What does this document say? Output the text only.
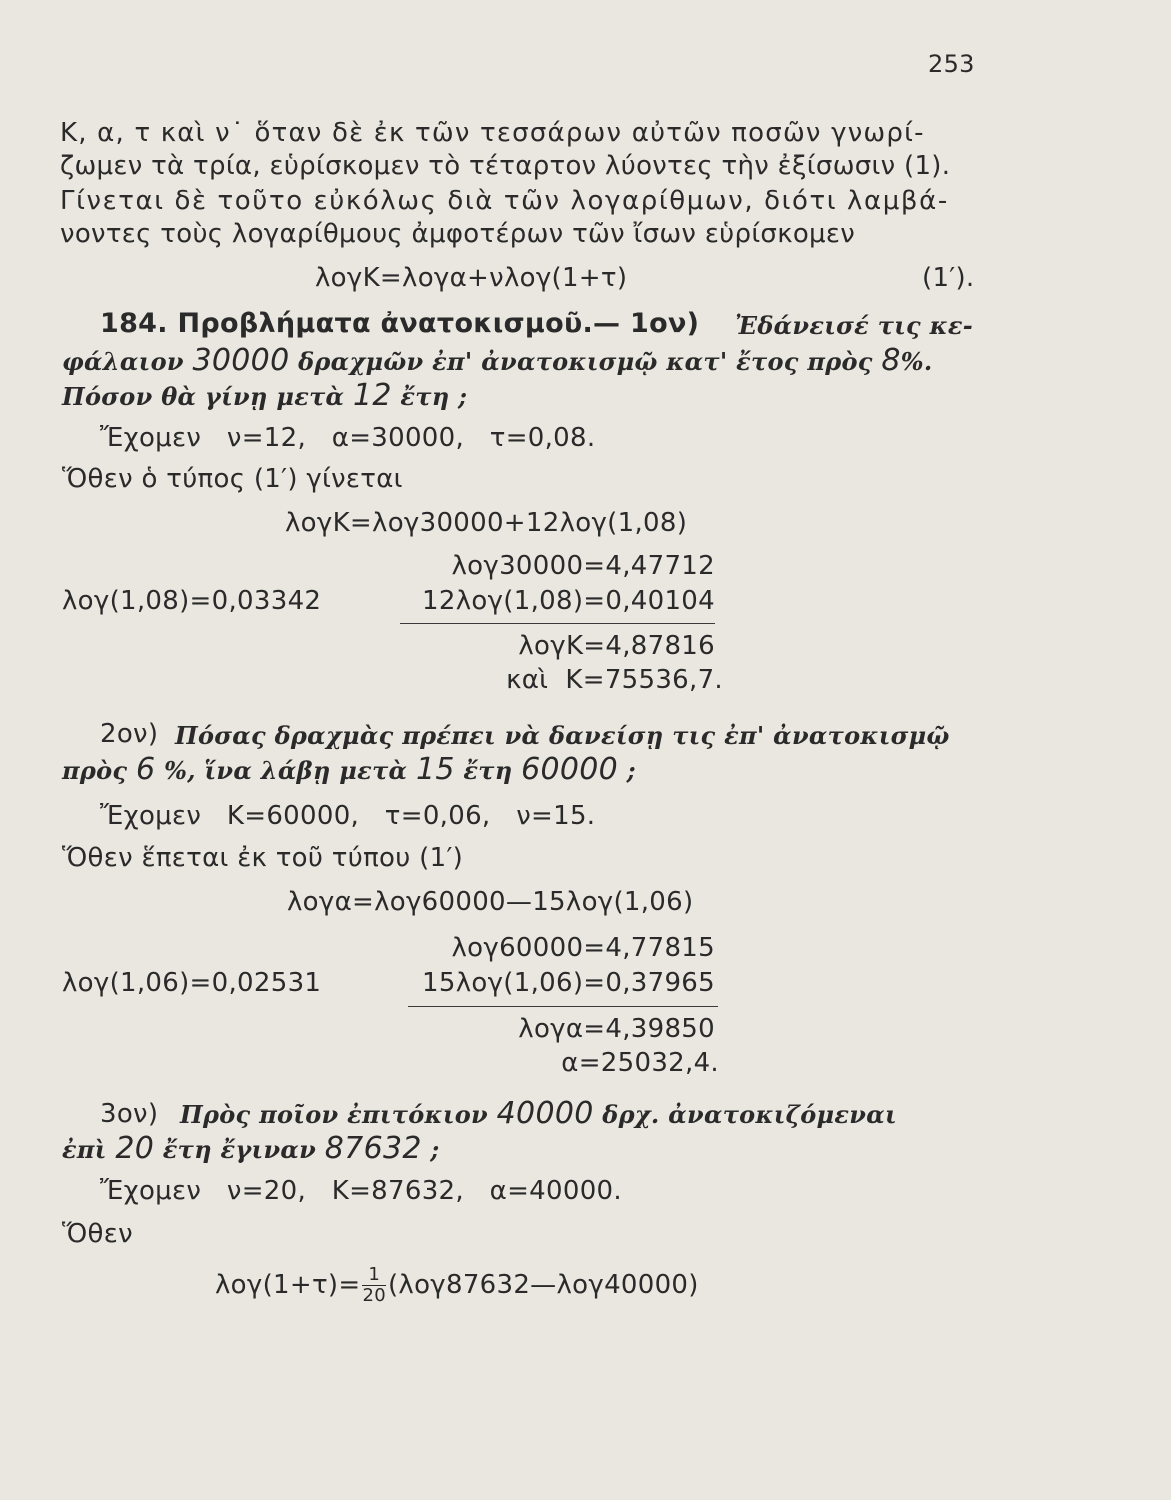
253
K, α, τ καὶ ν˙ ὅταν δὲ ἐκ τῶν τεσσάρων αὐτῶν ποσῶν γνωρί-
ζωμεν τὰ τρία, εὑρίσκομεν τὸ τέταρτον λύοντες τὴν ἐξίσωσιν (1).
Γίνεται δὲ τοῦτο εὐκόλως διὰ τῶν λογαρίθμων, διότι λαμβά-
νοντες τοὺς λογαρίθμους ἀμφοτέρων τῶν ἴσων εὑρίσκομεν
λογK=λογα+νλογ(1+τ)	(1′).
184. Προβλήματα ἀνατοκισμοῦ.— 1ον) Ἐδάνεισέ τις κε-
φάλαιον 30000 δραχμῶν ἐπ' ἀνατοκισμῷ κατ' ἔτος πρὸς 8%.
Πόσον θὰ γίνῃ μετὰ 12 ἔτη ;
Ἔχομεν   ν=12,   α=30000,   τ=0,08.
Ὅθεν ὁ τύπος (1′) γίνεται
λογK=λογ30000+12λογ(1,08)
λογ30000=4,47712
λογ(1,08)=0,03342	12λογ(1,08)=0,40104
λογK=4,87816
καὶ  K=75536,7.
2ον) Πόσας δραχμὰς πρέπει νὰ δανείσῃ τις ἐπ' ἀνατοκισμῷ
πρὸς 6 %, ἵνα λάβῃ μετὰ 15 ἔτη 60000 ;
Ἔχομεν   K=60000,   τ=0,06,   ν=15.
Ὅθεν ἕπεται ἐκ τοῦ τύπου (1′)
λογα=λογ60000—15λογ(1,06)
λογ60000=4,77815
λογ(1,06)=0,02531	15λογ(1,06)=0,37965
λογα=4,39850
α=25032,4.
3ον) Πρὸς ποῖον ἐπιτόκιον 40000 δρχ. ἀνατοκιζόμεναι
ἐπὶ 20 ἔτη ἔγιναν 87632 ;
Ἔχομεν   ν=20,   K=87632,   α=40000.
Ὅθεν
$\lambda o\gamma(1+\tau)= \frac{1}{20}$ (λογ87632—λογ40000)
